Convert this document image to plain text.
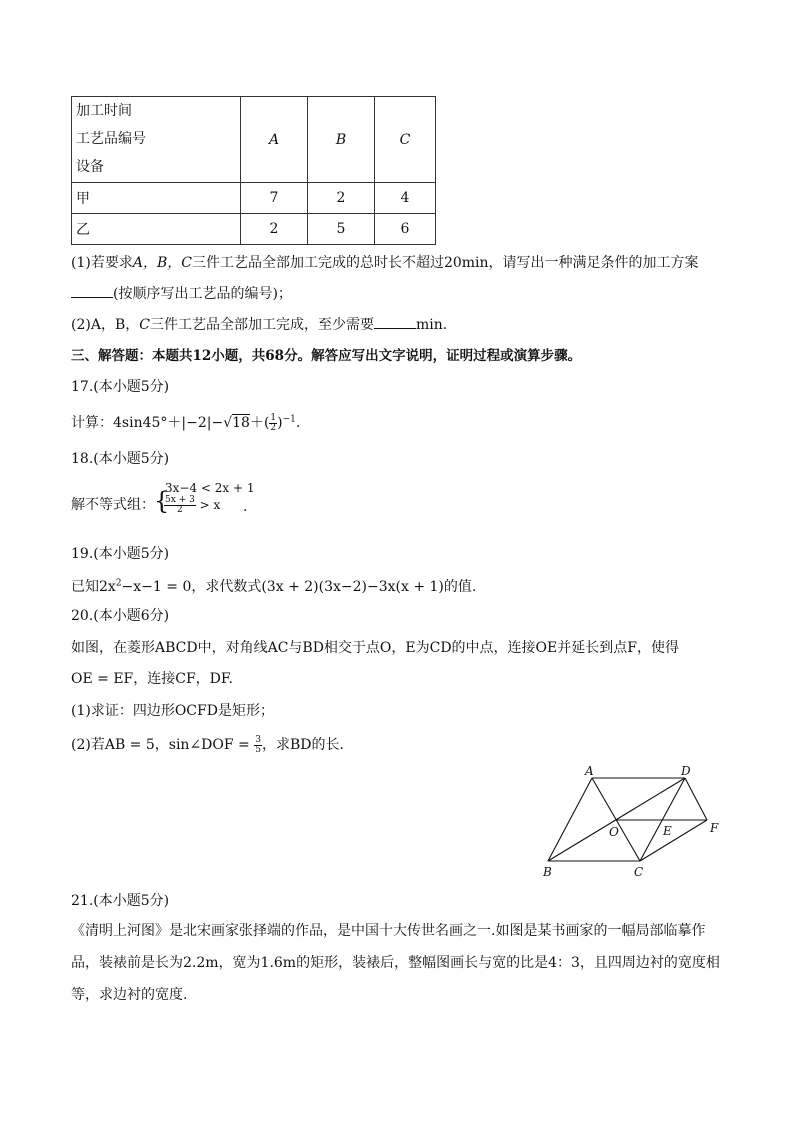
加工时间
工艺品编号
设备	A	B	C
甲	7	2	4
乙	2	5	6
(1)若要求A，B，C三件工艺品全部加工完成的总时长不超过20min，请写出一种满足条件的加工方案
(按顺序写出工艺品的编号)；
(2)A，B，C三件工艺品全部加工完成，至少需要	min.
三、解答题：本题共12小题，共68分。解答应写出文字说明，证明过程或演算步骤。
17.(本小题5分)
计算：$4\sin 45^\circ+|-2|-√18+( \frac{1}{2} )^{-1}$.
18.(本小题5分)
解不等式组： {
3x−4 < 2x + 1
$\frac{5x + 3}{2} > x$ .
19.(本小题5分)
已知$2x^2-x-1 = 0$，求代数式(3x + 2)(3x−2)−3x(x + 1)的值.
20.(本小题6分)
如图，在菱形ABCD中，对角线AC与BD相交于点O，E为CD的中点，连接OE并延长到点F，使得
OE = EF，连接CF，DF.
(1)求证：四边形OCFD是矩形；
(2)若AB = 5，sin∠DOF = $\frac{3}{5}$ ，求BD的长.
A	D
O	E	F
B	C
21.(本小题5分)
《清明上河图》是北宋画家张择端的作品，是中国十大传世名画之一.如图是某书画家的一幅局部临摹作
品，装裱前是长为2.2m，宽为1.6m的矩形，装裱后，整幅图画长与宽的比是4：3，且四周边衬的宽度相
等，求边衬的宽度.
